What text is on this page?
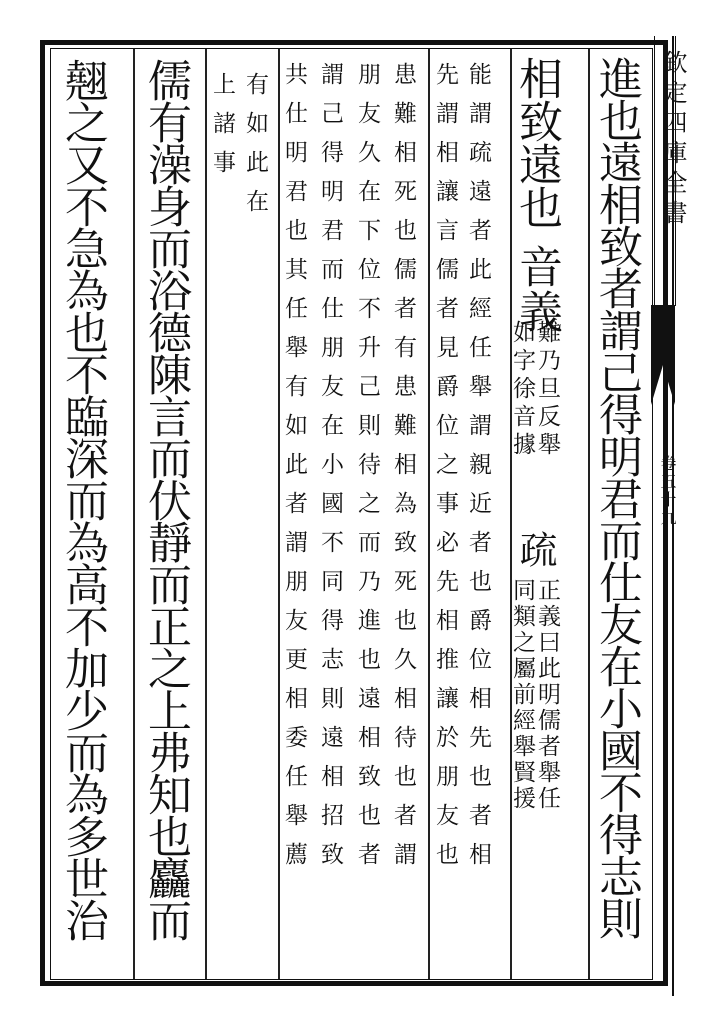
欽定四庫全書
卷五十九
進也遠相致者謂己得明君而仕友在小國不得志則
相致遠也
音義
難乃旦反舉
如字徐音據
疏
正義曰此明儒者舉任
同類之屬前經舉賢援
能謂疏遠者此經任舉謂親近者也爵位相先也者相
先謂相讓言儒者見爵位之事必先相推讓於朋友也
患難相死也儒者有患難相為致死也久相待也者謂
朋友久在下位不升己則待之而乃進也遠相致也者
謂己得明君而仕朋友在小國不同得志則遠相招致
共仕明君也其任舉有如此者謂朋友更相委任舉薦
有如此在
上諸事
儒有澡身而浴德陳言而伏靜而正之上弗知也麤而
翹之又不急為也不臨深而為高不加少而為多世治
